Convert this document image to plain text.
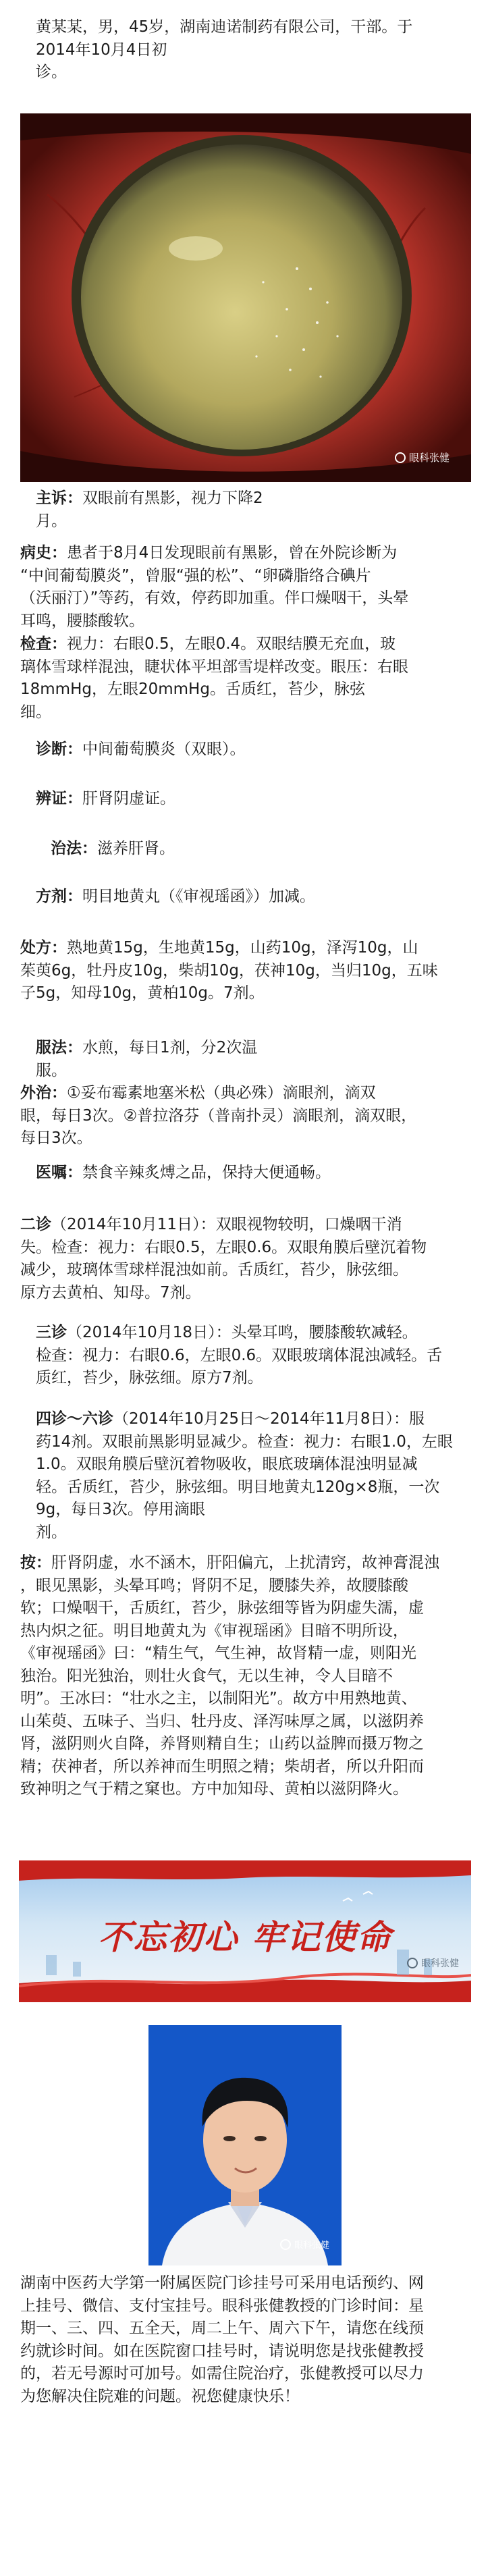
黄某某，男，45岁，湖南迪诺制药有限公司，干部。于
2014年10月4日初
诊。
眼科张健
主诉：双眼前有黑影，视力下降2
月。
病史：患者于8月4日发现眼前有黑影，曾在外院诊断为
“中间葡萄膜炎”，曾服“强的松”、“卵磷脂络合碘片
（沃丽汀）”等药，有效，停药即加重。伴口燥咽干，头晕
耳鸣，腰膝酸软。
检查：视力：右眼0.5，左眼0.4。双眼结膜无充血，玻
璃体雪球样混浊，睫状体平坦部雪堤样改变。眼压：右眼
18mmHg，左眼20mmHg。舌质红，苔少，脉弦
细。
诊断：中间葡萄膜炎（双眼）。
辨证：肝肾阴虚证。
治法：滋养肝肾。
方剂：明目地黄丸（《审视瑶函》）加减。
处方：熟地黄15g，生地黄15g，山药10g，泽泻10g，山
茱萸6g，牡丹皮10g，柴胡10g，茯神10g，当归10g，五味
子5g，知母10g，黄柏10g。7剂。
服法：水煎，每日1剂，分2次温
服。
外治：①妥布霉素地塞米松（典必殊）滴眼剂，滴双
眼，每日3次。②普拉洛芬（普南扑灵）滴眼剂，滴双眼，
每日3次。
医嘱：禁食辛辣炙煿之品，保持大便通畅。
二诊（2014年10月11日）：双眼视物较明，口燥咽干消
失。检查：视力：右眼0.5，左眼0.6。双眼角膜后壁沉着物
减少，玻璃体雪球样混浊如前。舌质红，苔少，脉弦细。
原方去黄柏、知母。7剂。
三诊（2014年10月18日）：头晕耳鸣，腰膝酸软减轻。
检查：视力：右眼0.6，左眼0.6。双眼玻璃体混浊减轻。舌
质红，苔少，脉弦细。原方7剂。
四诊～六诊（2014年10月25日～2014年11月8日）：服
药14剂。双眼前黑影明显减少。检查：视力：右眼1.0，左眼
1.0。双眼角膜后壁沉着物吸收，眼底玻璃体混浊明显减
轻。舌质红，苔少，脉弦细。明目地黄丸120g×8瓶，一次
9g，每日3次。停用滴眼
剂。
按：肝肾阴虚，水不涵木，肝阳偏亢，上扰清窍，故神膏混浊
，眼见黑影，头晕耳鸣；肾阴不足，腰膝失养，故腰膝酸
软；口燥咽干，舌质红，苔少，脉弦细等皆为阴虚失濡，虚
热内炽之征。明目地黄丸为《审视瑶函》目暗不明所设，
《审视瑶函》曰：“精生气，气生神，故肾精一虚，则阳光
独治。阳光独治，则壮火食气，无以生神，令人目暗不
明”。王冰曰：“壮水之主，以制阳光”。故方中用熟地黄、
山茱萸、五味子、当归、牡丹皮、泽泻味厚之属，以滋阴养
肾，滋阴则火自降，养肾则精自生；山药以益脾而摄万物之
精；茯神者，所以养神而生明照之精；柴胡者，所以升阳而
致神明之气于精之窠也。方中加知母、黄柏以滋阴降火。
不忘初心 牢记使命
眼科张健
眼科张健
湖南中医药大学第一附属医院门诊挂号可采用电话预约、网
上挂号、微信、支付宝挂号。眼科张健教授的门诊时间：星
期一、三、四、五全天，周二上午、周六下午，请您在线预
约就诊时间。如在医院窗口挂号时，请说明您是找张健教授
的，若无号源时可加号。如需住院治疗，张健教授可以尽力
为您解决住院难的问题。祝您健康快乐！
